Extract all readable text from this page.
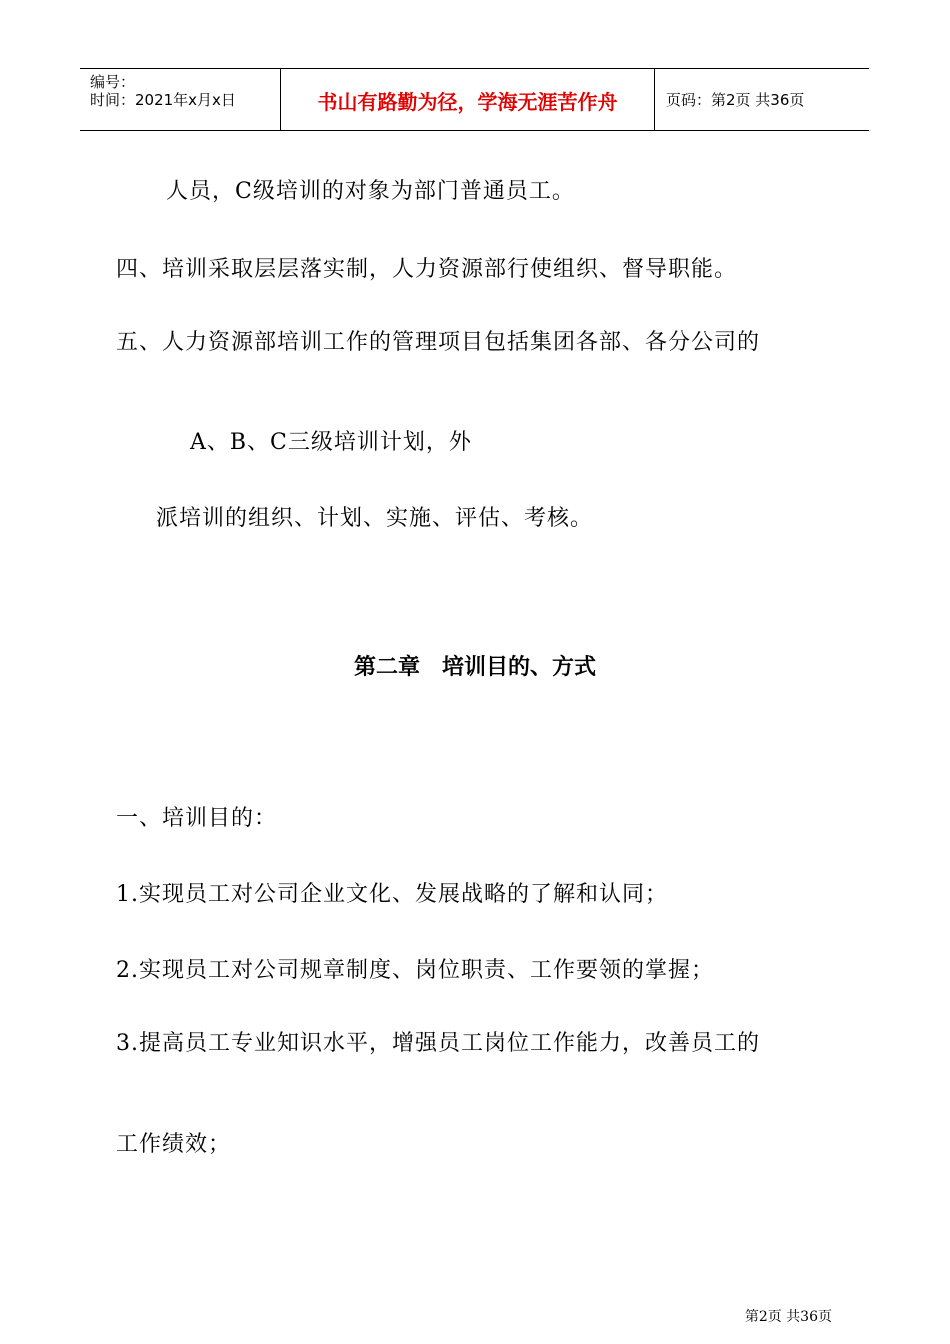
编号：
时间：2021年x月x日	书山有路勤为径，学海无涯苦作舟	页码：第2页 共36页
人员，C级培训的对象为部门普通员工。
四、培训采取层层落实制，人力资源部行使组织、督导职能。
五、人力资源部培训工作的管理项目包括集团各部、各分公司的
A、B、C三级培训计划，外
派培训的组织、计划、实施、评估、考核。
第二章　培训目的、方式
一、培训目的：
1.实现员工对公司企业文化、发展战略的了解和认同；
2.实现员工对公司规章制度、岗位职责、工作要领的掌握；
3.提高员工专业知识水平，增强员工岗位工作能力，改善员工的
工作绩效；
第2页 共36页
